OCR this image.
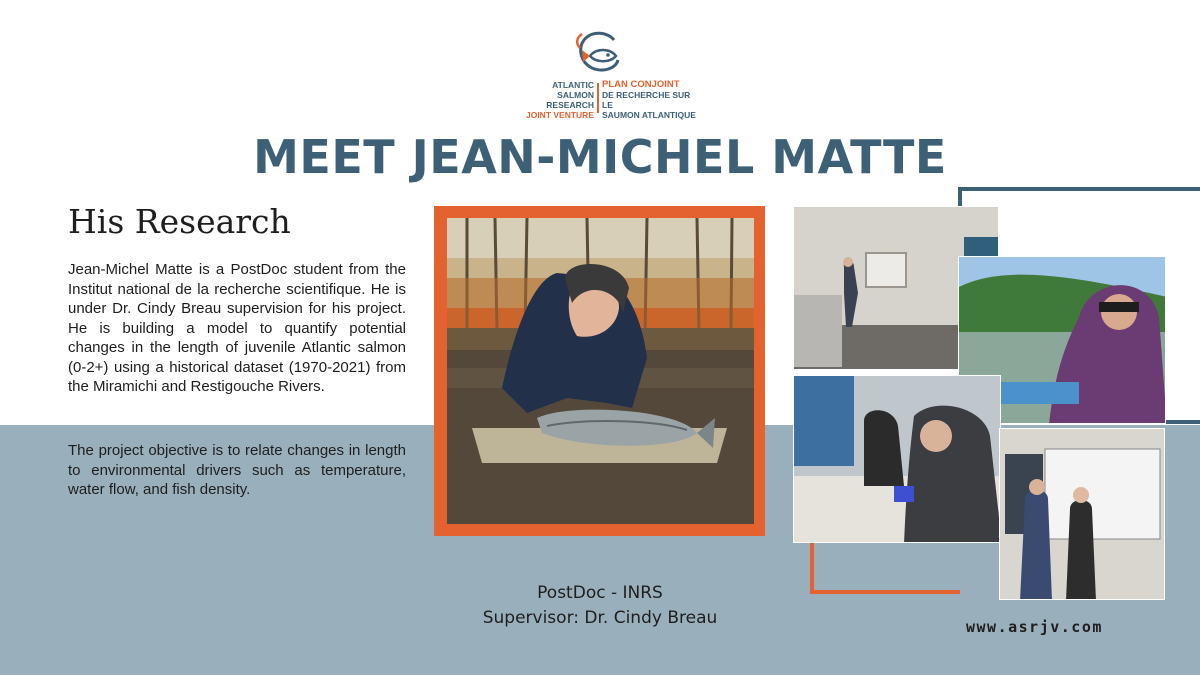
ATLANTIC
SALMON RESEARCH
JOINT VENTURE
PLAN CONJOINT
DE RECHERCHE SUR LE
SAUMON ATLANTIQUE
MEET JEAN-MICHEL MATTE
His Research

Jean-Michel Matte is a PostDoc student from the Institut national de la recherche scientifique. He is under Dr. Cindy Breau supervision for his project. He is building a model to quantify potential changes in the length of juvenile Atlantic salmon (0-2+) using a historical dataset (1970-2021) from the Miramichi and Restigouche Rivers.

The project objective is to relate changes in length to environmental drivers such as temperature, water flow, and fish density.

PostDoc - INRS
Supervisor: Dr. Cindy Breau	www.asrjv.com
